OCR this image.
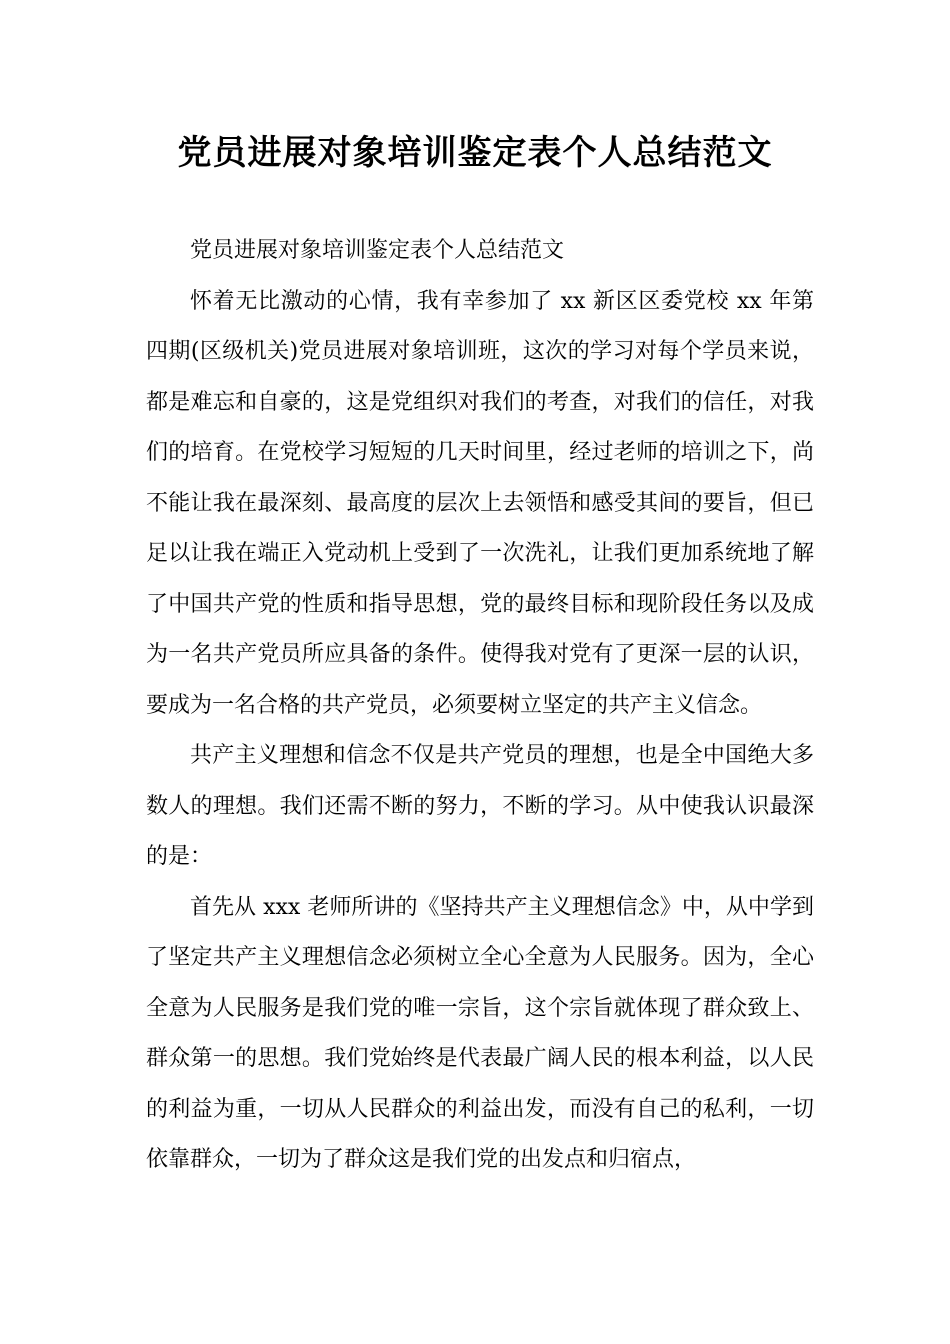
党员进展对象培训鉴定表个人总结范文

党员进展对象培训鉴定表个人总结范文

怀着无比激动的心情，我有幸参加了 xx 新区区委党校 xx 年第四期(区级机关)党员进展对象培训班，这次的学习对每个学员来说，都是难忘和自豪的，这是党组织对我们的考查，对我们的信任，对我们的培育。在党校学习短短的几天时间里，经过老师的培训之下，尚不能让我在最深刻、最高度的层次上去领悟和感受其间的要旨，但已足以让我在端正入党动机上受到了一次洗礼，让我们更加系统地了解了中国共产党的性质和指导思想，党的最终目标和现阶段任务以及成为一名共产党员所应具备的条件。使得我对党有了更深一层的认识，要成为一名合格的共产党员，必须要树立坚定的共产主义信念。

共产主义理想和信念不仅是共产党员的理想，也是全中国绝大多数人的理想。我们还需不断的努力，不断的学习。从中使我认识最深的是：

首先从 xxx 老师所讲的《坚持共产主义理想信念》中，从中学到了坚定共产主义理想信念必须树立全心全意为人民服务。因为，全心全意为人民服务是我们党的唯一宗旨，这个宗旨就体现了群众致上、群众第一的思想。我们党始终是代表最广阔人民的根本利益，以人民的利益为重，一切从人民群众的利益出发，而没有自己的私利，一切依靠群众，一切为了群众这是我们党的出发点和归宿点，
